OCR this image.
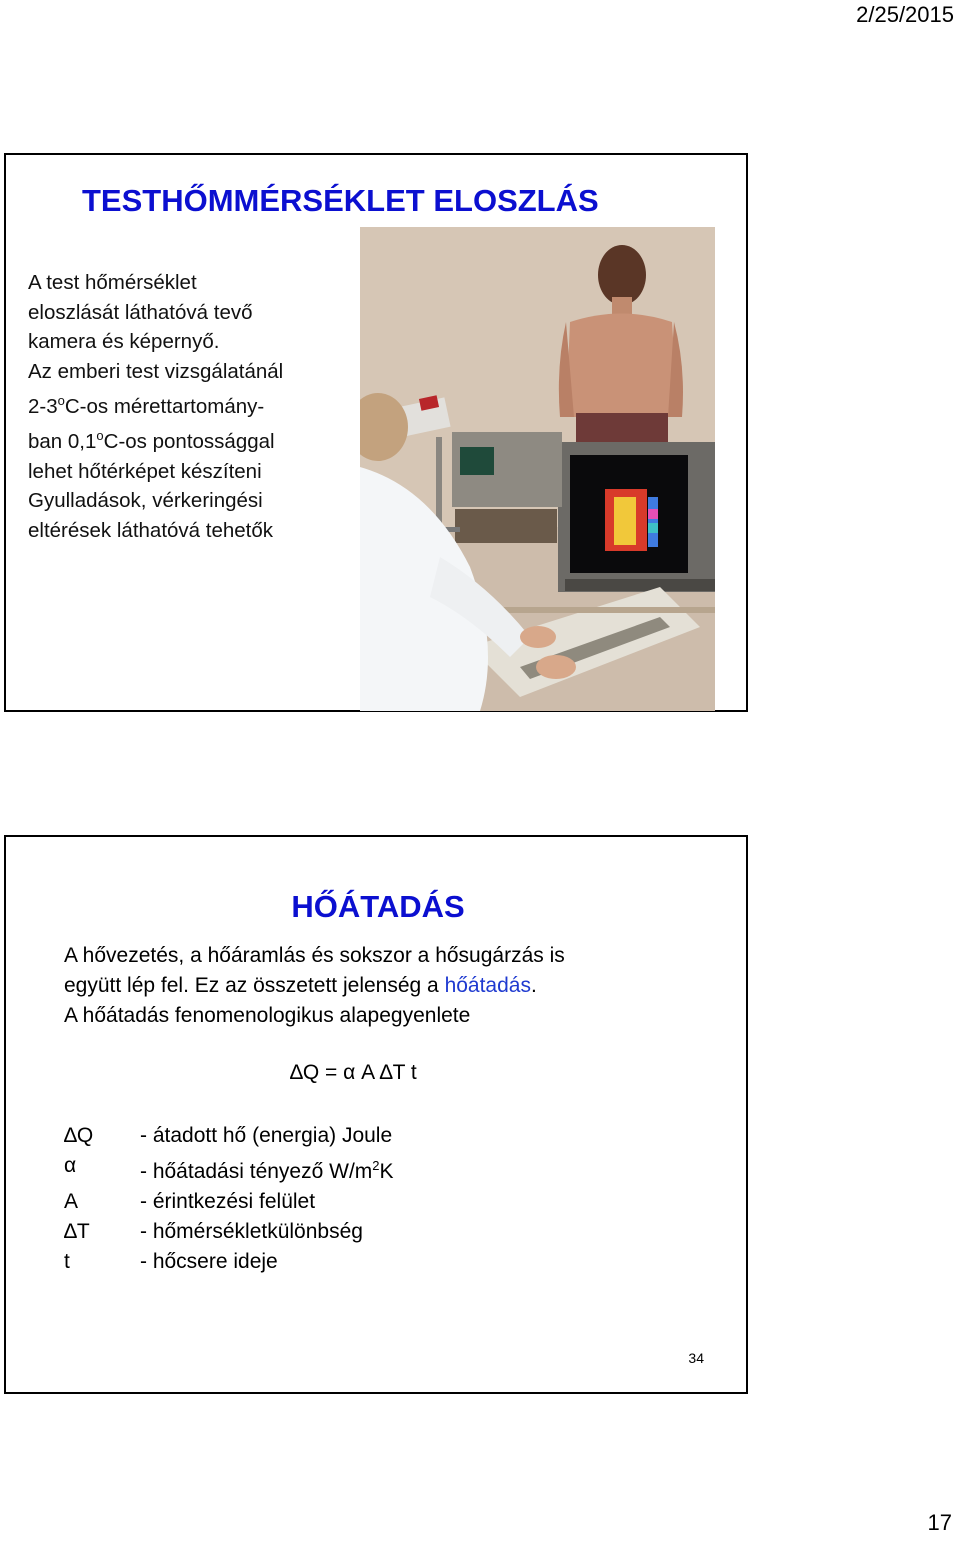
2/25/2015
TESTHŐMMÉRSÉKLET ELOSZLÁS
A test hőmérséklet
eloszlását láthatóvá tevő
kamera és képernyő.
Az emberi test vizsgálatánál
2-3$^o$C-os mérettartomány-
ban 0,1$^o$C-os pontossággal
lehet hőtérképet készíteni
Gyulladások, vérkeringési
eltérések láthatóvá tehetők
HŐÁTADÁS
A hővezetés, a hőáramlás és sokszor a hősugárzás is
együtt lép fel. Ez az összetett jelenség a hőátadás.
A hőátadás fenomenologikus alapegyenlete
∆Q = α A ∆T t
∆Q	- átadott hő (energia) Joule
α	- hőátadási tényező $W/m^2K$
A	- érintkezési felület
∆T	- hőmérsékletkülönbség
t	- hőcsere ideje
34
17
